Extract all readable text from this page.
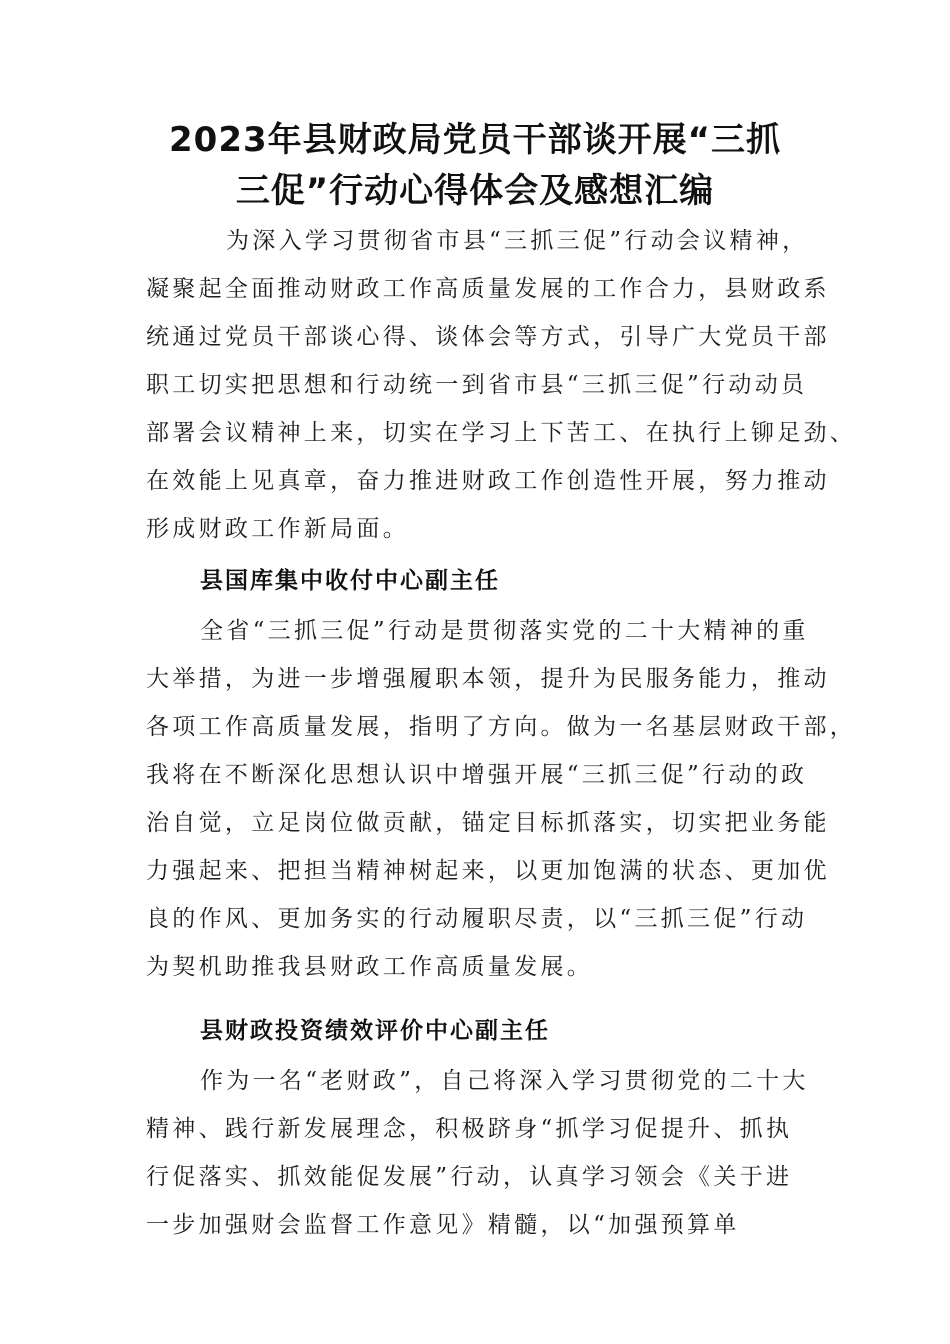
2023年县财政局党员干部谈开展“三抓
三促”行动心得体会及感想汇编
为深入学习贯彻省市县“三抓三促”行动会议精神，
凝聚起全面推动财政工作高质量发展的工作合力，县财政系
统通过党员干部谈心得、谈体会等方式，引导广大党员干部
职工切实把思想和行动统一到省市县“三抓三促”行动动员
部署会议精神上来，切实在学习上下苦工、在执行上铆足劲、
在效能上见真章，奋力推进财政工作创造性开展，努力推动
形成财政工作新局面。
县国库集中收付中心副主任
全省“三抓三促”行动是贯彻落实党的二十大精神的重
大举措，为进一步增强履职本领，提升为民服务能力，推动
各项工作高质量发展，指明了方向。做为一名基层财政干部，
我将在不断深化思想认识中增强开展“三抓三促”行动的政
治自觉，立足岗位做贡献，锚定目标抓落实，切实把业务能
力强起来、把担当精神树起来，以更加饱满的状态、更加优
良的作风、更加务实的行动履职尽责，以“三抓三促”行动
为契机助推我县财政工作高质量发展。
县财政投资绩效评价中心副主任
作为一名“老财政”，自己将深入学习贯彻党的二十大
精神、践行新发展理念，积极跻身“抓学习促提升、抓执
行促落实、抓效能促发展”行动，认真学习领会《关于进
一步加强财会监督工作意见》精髓，以“加强预算单
